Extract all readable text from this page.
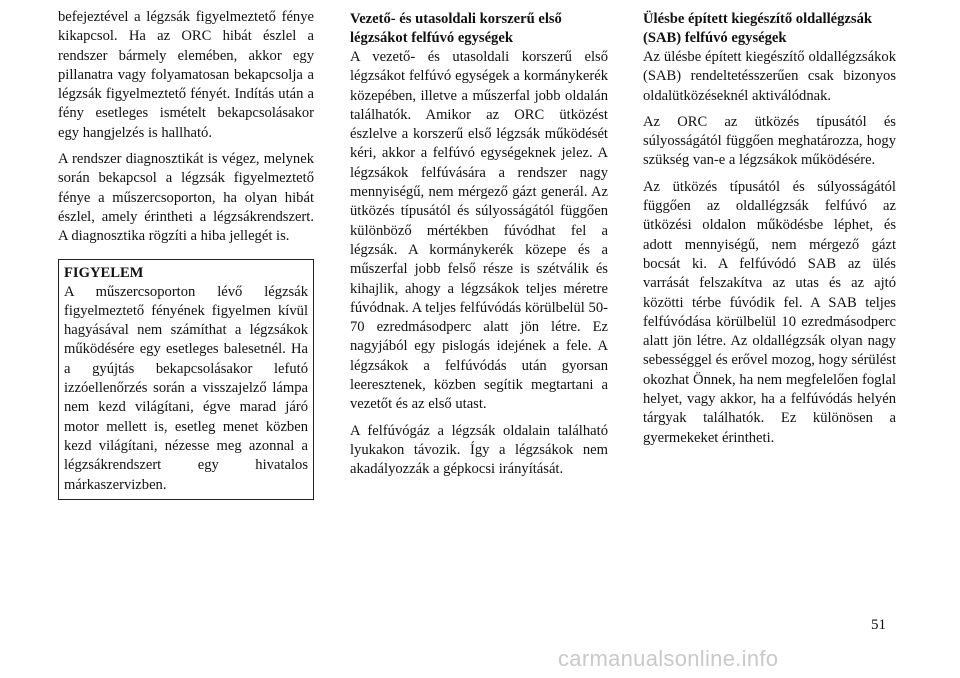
befejeztével a légzsák figyelmeztető fénye kikapcsol. Ha az ORC hibát észlel a rendszer bármely elemében, akkor egy pillanatra vagy folyamatosan bekapcsolja a légzsák figyelmeztető fényét. Indítás után a fény esetleges ismételt bekapcsolásakor egy hangjelzés is hallható.

A rendszer diagnosztikát is végez, melynek során bekapcsol a légzsák figyelmeztető fénye a műszercsoporton, ha olyan hibát észlel, amely érintheti a légzsákrendszert. A diagnosztika rögzíti a hiba jellegét is.

FIGYELEM

A műszercsoporton lévő légzsák figyelmeztető fényének figyelmen kívül hagyásával nem számíthat a légzsákok működésére egy esetleges balesetnél. Ha a gyújtás bekapcsolásakor lefutó izzóellenőrzés során a visszajelző lámpa nem kezd világítani, égve marad járó motor mellett is, esetleg menet közben kezd világítani, nézesse meg azonnal a légzsákrendszert egy hivatalos márkaszervizben.

Vezető- és utasoldali korszerű első légzsákot felfúvó egységek

A vezető- és utasoldali korszerű első légzsákot felfúvó egységek a kormánykerék közepében, illetve a műszerfal jobb oldalán találhatók. Amikor az ORC ütközést észlelve a korszerű első légzsák működését kéri, akkor a felfúvó egységeknek jelez. A légzsákok felfúvására a rendszer nagy mennyiségű, nem mérgező gázt generál. Az ütközés típusától és súlyosságától függően különböző mértékben fúvódhat fel a légzsák. A kormánykerék közepe és a műszerfal jobb felső része is szétválik és kihajlik, ahogy a légzsákok teljes méretre fúvódnak. A teljes felfúvódás körülbelül 50-70 ezredmásodperc alatt jön létre. Ez nagyjából egy pislogás idejének a fele. A légzsákok a felfúvódás után gyorsan leeresztenek, közben segítik megtartani a vezetőt és az első utast.

A felfúvógáz a légzsák oldalain található lyukakon távozik. Így a légzsákok nem akadályozzák a gépkocsi irányítását.

Ülésbe épített kiegészítő oldallégzsák (SAB) felfúvó egységek

Az ülésbe épített kiegészítő oldallégzsákok (SAB) rendeltetésszerűen csak bizonyos oldalütközéseknél aktiválódnak.

Az ORC az ütközés típusától és súlyosságától függően meghatározza, hogy szükség van-e a légzsákok működésére.

Az ütközés típusától és súlyosságától függően az oldallégzsák felfúvó az ütközési oldalon működésbe léphet, és adott mennyiségű, nem mérgező gázt bocsát ki. A felfúvódó SAB az ülés varrását felszakítva az utas és az ajtó közötti térbe fúvódik fel. A SAB teljes felfúvódása körülbelül 10 ezredmásodperc alatt jön létre. Az oldallégzsák olyan nagy sebességgel és erővel mozog, hogy sérülést okozhat Önnek, ha nem megfelelően foglal helyet, vagy akkor, ha a felfúvódás helyén tárgyak találhatók. Ez különösen a gyermekeket érintheti.

51
carmanualsonline.info
